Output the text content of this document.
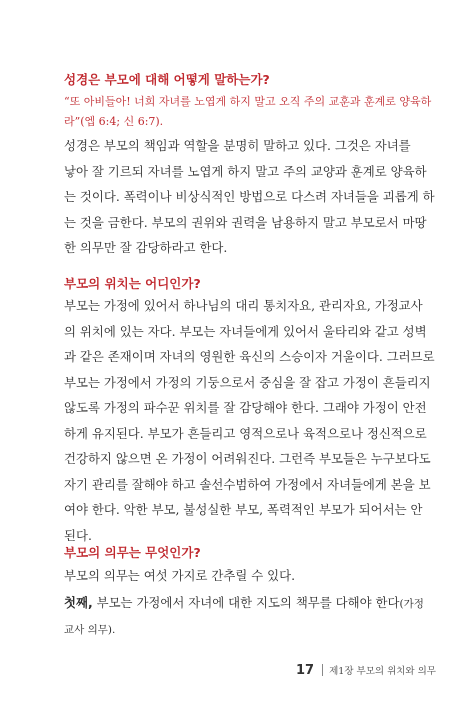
성경은 부모에 대해 어떻게 말하는가?

“또 아비들아! 너희 자녀를 노엽게 하지 말고 오직 주의 교훈과 훈계로 양육하
라”(엡 6:4; 신 6:7).

성경은 부모의 책임과 역할을 분명히 말하고 있다. 그것은 자녀를
낳아 잘 기르되 자녀를 노엽게 하지 말고 주의 교양과 훈계로 양육하
는 것이다. 폭력이나 비상식적인 방법으로 다스려 자녀들을 괴롭게 하
는 것을 금한다. 부모의 권위와 권력을 남용하지 말고 부모로서 마땅
한 의무만 잘 감당하라고 한다.

부모의 위치는 어디인가?

부모는 가정에 있어서 하나님의 대리 통치자요, 관리자요, 가정교사
의 위치에 있는 자다. 부모는 자녀들에게 있어서 울타리와 같고 성벽
과 같은 존재이며 자녀의 영원한 육신의 스승이자 거울이다. 그러므로
부모는 가정에서 가정의 기둥으로서 중심을 잘 잡고 가정이 흔들리지
않도록 가정의 파수꾼 위치를 잘 감당해야 한다. 그래야 가정이 안전
하게 유지된다. 부모가 흔들리고 영적으로나 육적으로나 정신적으로
건강하지 않으면 온 가정이 어려워진다. 그런즉 부모들은 누구보다도
자기 관리를 잘해야 하고 솔선수범하여 가정에서 자녀들에게 본을 보
여야 한다. 악한 부모, 불성실한 부모, 폭력적인 부모가 되어서는 안
된다.

부모의 의무는 무엇인가?

부모의 의무는 여섯 가지로 간추릴 수 있다.

첫째, 부모는 가정에서 자녀에 대한 지도의 책무를 다해야 한다(가정
교사 의무).

17 제1장 부모의 위치와 의무
